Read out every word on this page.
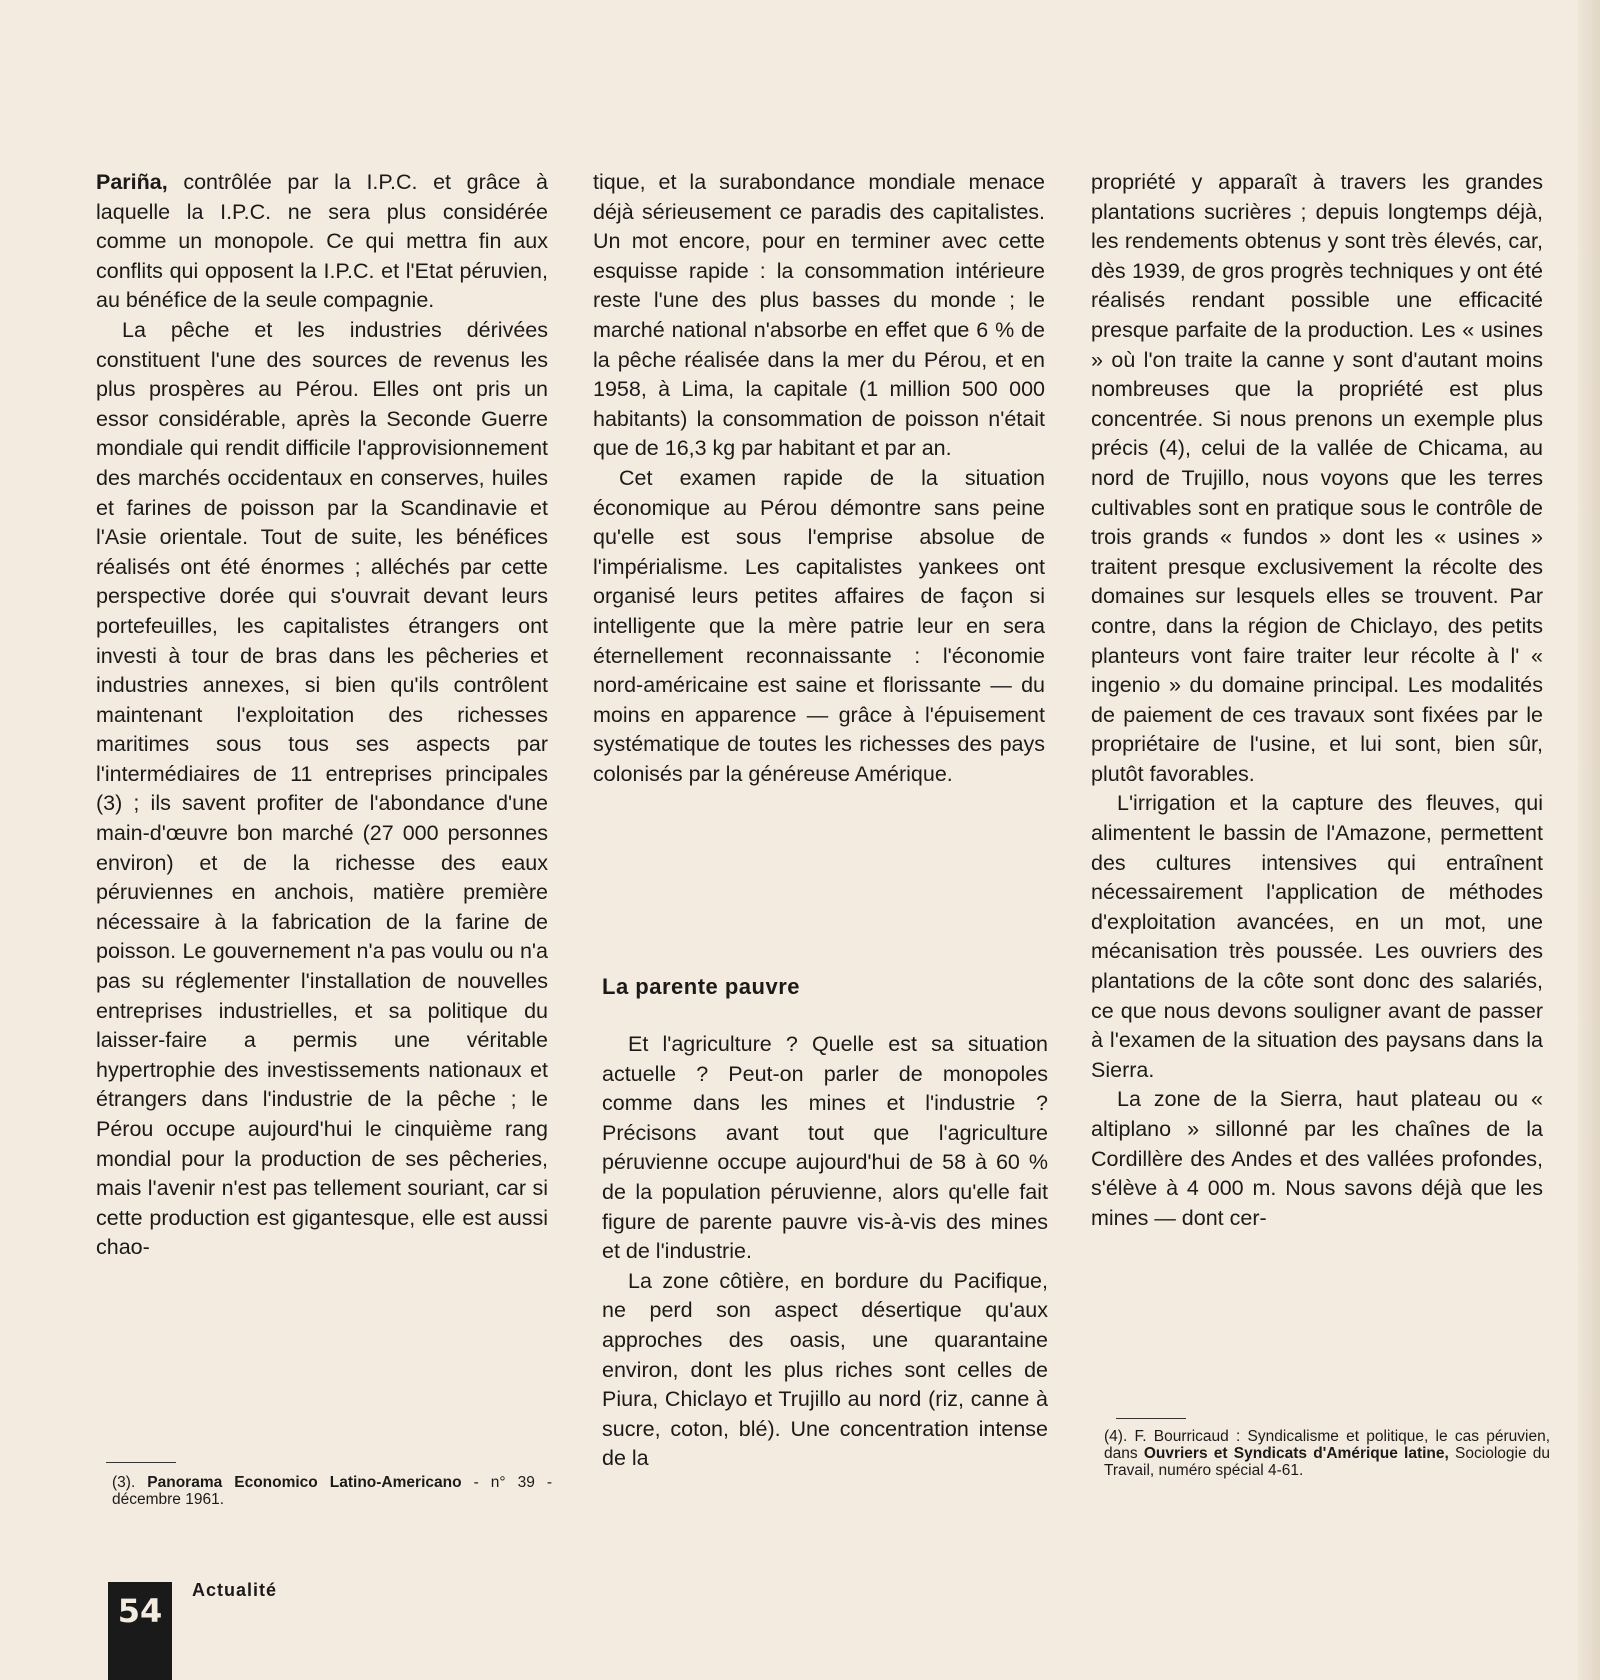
Pariña, contrôlée par la I.P.C. et grâce à laquelle la I.P.C. ne sera plus considérée comme un monopole. Ce qui mettra fin aux conflits qui opposent la I.P.C. et l'Etat péruvien, au bénéfice de la seule compagnie.

La pêche et les industries dérivées constituent l'une des sources de revenus les plus prospères au Pérou. Elles ont pris un essor considérable, après la Seconde Guerre mondiale qui rendit difficile l'approvisionnement des marchés occidentaux en conserves, huiles et farines de poisson par la Scandinavie et l'Asie orientale. Tout de suite, les bénéfices réalisés ont été énormes ; alléchés par cette perspective dorée qui s'ouvrait devant leurs portefeuilles, les capitalistes étrangers ont investi à tour de bras dans les pêcheries et industries annexes, si bien qu'ils contrôlent maintenant l'exploitation des richesses maritimes sous tous ses aspects par l'intermédiaires de 11 entreprises principales (3) ; ils savent profiter de l'abondance d'une main-d'œuvre bon marché (27 000 personnes environ) et de la richesse des eaux péruviennes en anchois, matière première nécessaire à la fabrication de la farine de poisson. Le gouvernement n'a pas voulu ou n'a pas su réglementer l'installation de nouvelles entreprises industrielles, et sa politique du laisser-faire a permis une véritable hypertrophie des investissements nationaux et étrangers dans l'industrie de la pêche ; le Pérou occupe aujourd'hui le cinquième rang mondial pour la production de ses pêcheries, mais l'avenir n'est pas tellement souriant, car si cette production est gigantesque, elle est aussi chao-

tique, et la surabondance mondiale menace déjà sérieusement ce paradis des capitalistes. Un mot encore, pour en terminer avec cette esquisse rapide : la consommation intérieure reste l'une des plus basses du monde ; le marché national n'absorbe en effet que 6 % de la pêche réalisée dans la mer du Pérou, et en 1958, à Lima, la capitale (1 million 500 000 habitants) la consommation de poisson n'était que de 16,3 kg par habitant et par an.

Cet examen rapide de la situation économique au Pérou démontre sans peine qu'elle est sous l'emprise absolue de l'impérialisme. Les capitalistes yankees ont organisé leurs petites affaires de façon si intelligente que la mère patrie leur en sera éternellement reconnaissante : l'économie nord-américaine est saine et florissante — du moins en apparence — grâce à l'épuisement systématique de toutes les richesses des pays colonisés par la généreuse Amérique.

La parente pauvre

Et l'agriculture ? Quelle est sa situation actuelle ? Peut-on parler de monopoles comme dans les mines et l'industrie ? Précisons avant tout que l'agriculture péruvienne occupe aujourd'hui de 58 à 60 % de la population péruvienne, alors qu'elle fait figure de parente pauvre vis-à-vis des mines et de l'industrie.

La zone côtière, en bordure du Pacifique, ne perd son aspect désertique qu'aux approches des oasis, une quarantaine environ, dont les plus riches sont celles de Piura, Chiclayo et Trujillo au nord (riz, canne à sucre, coton, blé). Une concentration intense de la

propriété y apparaît à travers les grandes plantations sucrières ; depuis longtemps déjà, les rendements obtenus y sont très élevés, car, dès 1939, de gros progrès techniques y ont été réalisés rendant possible une efficacité presque parfaite de la production. Les « usines » où l'on traite la canne y sont d'autant moins nombreuses que la propriété est plus concentrée. Si nous prenons un exemple plus précis (4), celui de la vallée de Chicama, au nord de Trujillo, nous voyons que les terres cultivables sont en pratique sous le contrôle de trois grands « fundos » dont les « usines » traitent presque exclusivement la récolte des domaines sur lesquels elles se trouvent. Par contre, dans la région de Chiclayo, des petits planteurs vont faire traiter leur récolte à l' « ingenio » du domaine principal. Les modalités de paiement de ces travaux sont fixées par le propriétaire de l'usine, et lui sont, bien sûr, plutôt favorables.

L'irrigation et la capture des fleuves, qui alimentent le bassin de l'Amazone, permettent des cultures intensives qui entraînent nécessairement l'application de méthodes d'exploitation avancées, en un mot, une mécanisation très poussée. Les ouvriers des plantations de la côte sont donc des salariés, ce que nous devons souligner avant de passer à l'examen de la situation des paysans dans la Sierra.

La zone de la Sierra, haut plateau ou « altiplano » sillonné par les chaînes de la Cordillère des Andes et des vallées profondes, s'élève à 4 000 m. Nous savons déjà que les mines — dont cer-

(3). Panorama Economico Latino-Americano - n° 39 - décembre 1961.
(4). F. Bourricaud : Syndicalisme et politique, le cas péruvien, dans Ouvriers et Syndicats d'Amérique latine, Sociologie du Travail, numéro spécial 4-61.
54
Actualité
